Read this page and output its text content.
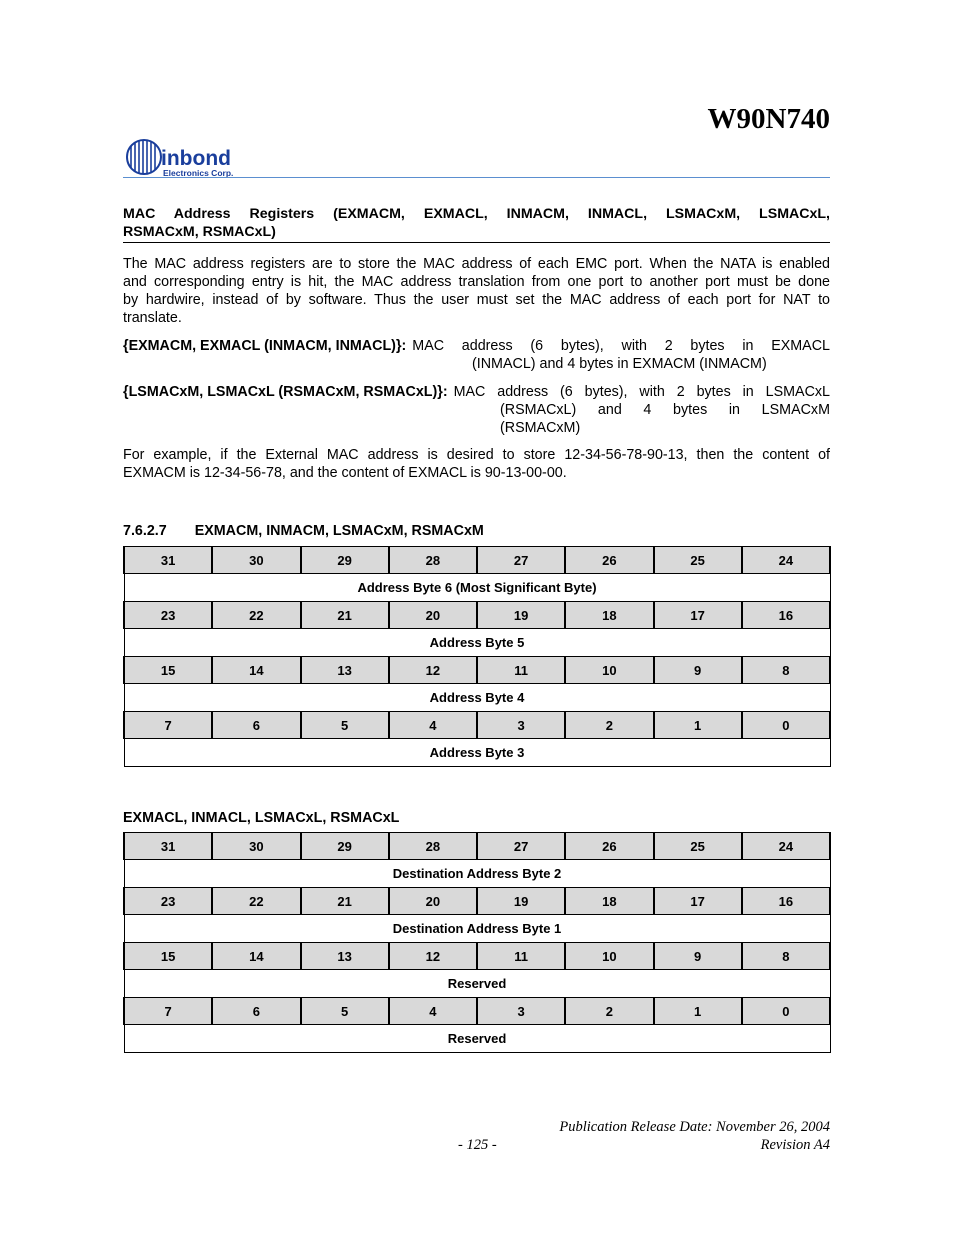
W90N740
inbond
Electronics Corp.
MAC Address Registers (EXMACM, EXMACL, INMACM, INMACL, LSMACxM, LSMACxL,
RSMACxM, RSMACxL)
The MAC address registers are to store the MAC address of each EMC port. When the NATA is enabled
and corresponding entry is hit, the MAC address translation from one port to another port must be done
by hardwire, instead of by software. Thus the user must set the MAC address of each port for NAT to
translate.
{EXMACM, EXMACL (INMACM, INMACL)}: MAC address (6 bytes), with 2 bytes in EXMACL
(INMACL) and 4 bytes in EXMACM (INMACM)
{LSMACxM, LSMACxL (RSMACxM, RSMACxL)}: MAC address (6 bytes), with 2 bytes in LSMACxL
(RSMACxL) and 4 bytes in LSMACxM
(RSMACxM)
For example, if the External MAC address is desired to store 12-34-56-78-90-13, then the content of
EXMACM is 12-34-56-78, and the content of EXMACL is 90-13-00-00.
7.6.2.7 EXMACM, INMACM, LSMACxM, RSMACxM
31	30	29	28	27	26	25	24
Address Byte 6 (Most Significant Byte)							
23	22	21	20	19	18	17	16
Address Byte 5							
15	14	13	12	11	10	9	8
Address Byte 4							
7	6	5	4	3	2	1	0
Address Byte 3							
EXMACL, INMACL, LSMACxL, RSMACxL
31	30	29	28	27	26	25	24
Destination Address Byte 2							
23	22	21	20	19	18	17	16
Destination Address Byte 1							
15	14	13	12	11	10	9	8
Reserved							
7	6	5	4	3	2	1	0
Reserved							
Publication Release Date: November 26, 2004
- 125 -	Revision A4
